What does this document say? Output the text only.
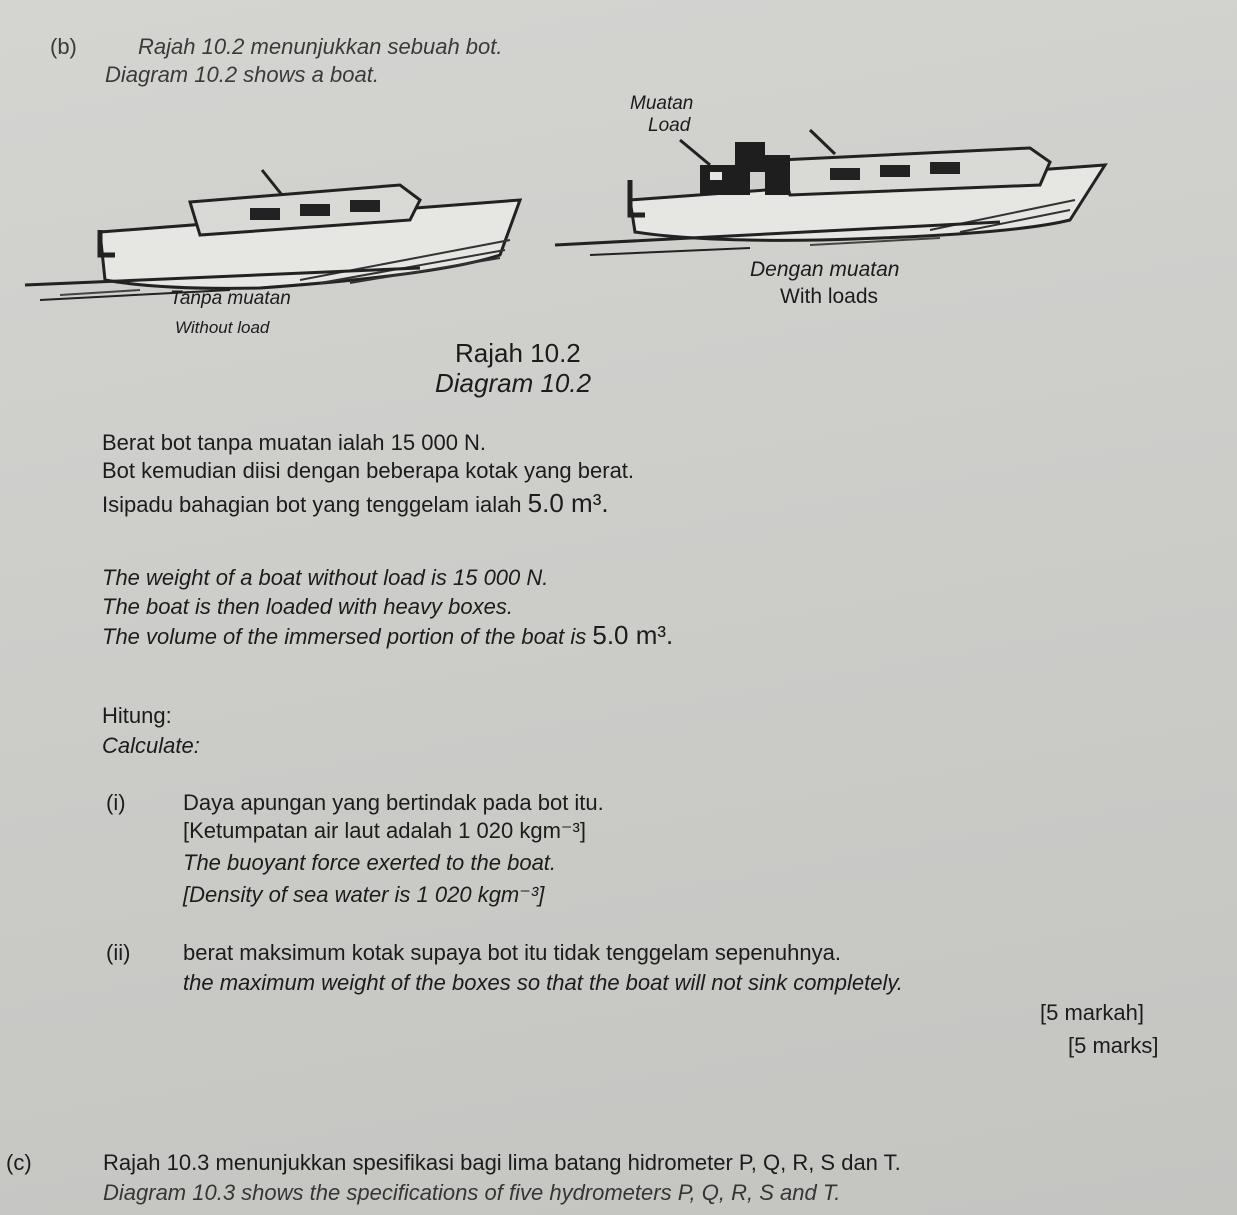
(b)	Rajah 10.2 menunjukkan sebuah bot.
Diagram 10.2 shows a boat.
Muatan
Load
Tanpa muatan
Without load
Dengan muatan
With loads
Rajah 10.2
Diagram 10.2
Berat bot tanpa muatan ialah 15 000 N.
Bot kemudian diisi dengan beberapa kotak yang berat.
Isipadu bahagian bot yang tenggelam ialah 5.0 m³.
The weight of a boat without load is 15 000 N.
The boat is then loaded with heavy boxes.
The volume of the immersed portion of the boat is 5.0 m³.
Hitung:
Calculate:
(i)	Daya apungan yang bertindak pada bot itu.
[Ketumpatan air laut adalah 1 020 kgm⁻³]
The buoyant force exerted to the boat.
[Density of sea water is 1 020 kgm⁻³]
(ii) berat maksimum kotak supaya bot itu tidak tenggelam sepenuhnya.
the maximum weight of the boxes so that the boat will not sink completely.
[5 markah]
[5 marks]
(c)	Rajah 10.3 menunjukkan spesifikasi bagi lima batang hidrometer P, Q, R, S dan T.
Diagram 10.3 shows the specifications of five hydrometers P, Q, R, S and T.
